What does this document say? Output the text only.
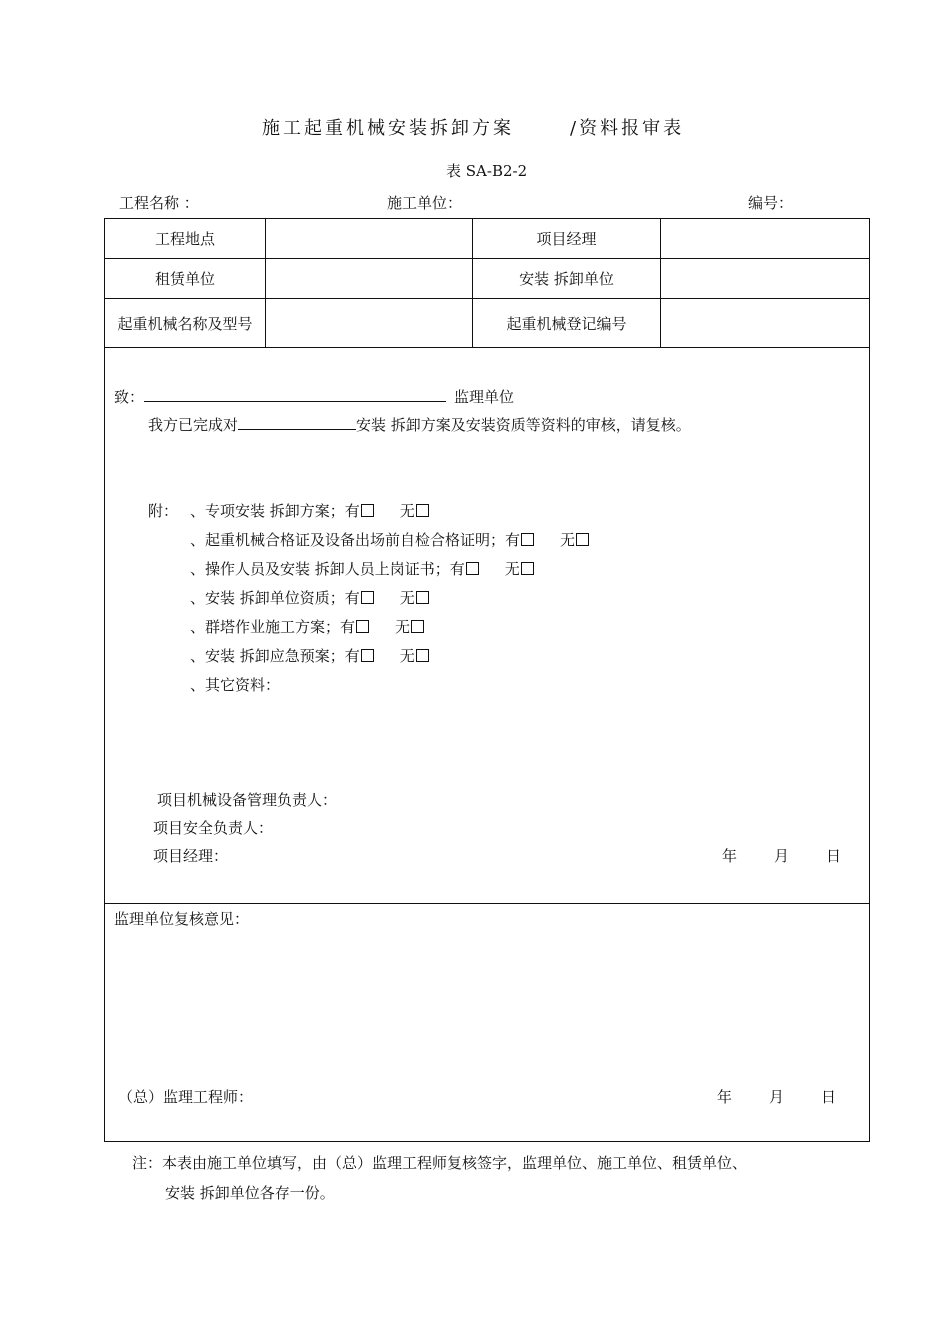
施工起重机械安装拆卸方案	/资料报审表
表 SA-B2-2
工程名称 ：	施工单位：	编号：
工程地点	项目经理
租赁单位	安装 拆卸单位
起重机械名称及型号	起重机械登记编号
致：	监理单位
我方已完成对	安装 拆卸方案及安装资质等资料的审核，请复核。
附： 、专项安装 拆卸方案；有	无
、起重机械合格证及设备出场前自检合格证明；有	无
、操作人员及安装 拆卸人员上岗证书；有	无
、安装 拆卸单位资质；有	无
、群塔作业施工方案；有	无
、安装 拆卸应急预案；有	无
、其它资料：
项目机械设备管理负责人：
项目安全负责人：
项目经理：	年 月 日
监理单位复核意见：
（总）监理工程师：	年 月 日
注：本表由施工单位填写，由（总）监理工程师复核签字，监理单位、施工单位、租赁单位、
安装 拆卸单位各存一份。
